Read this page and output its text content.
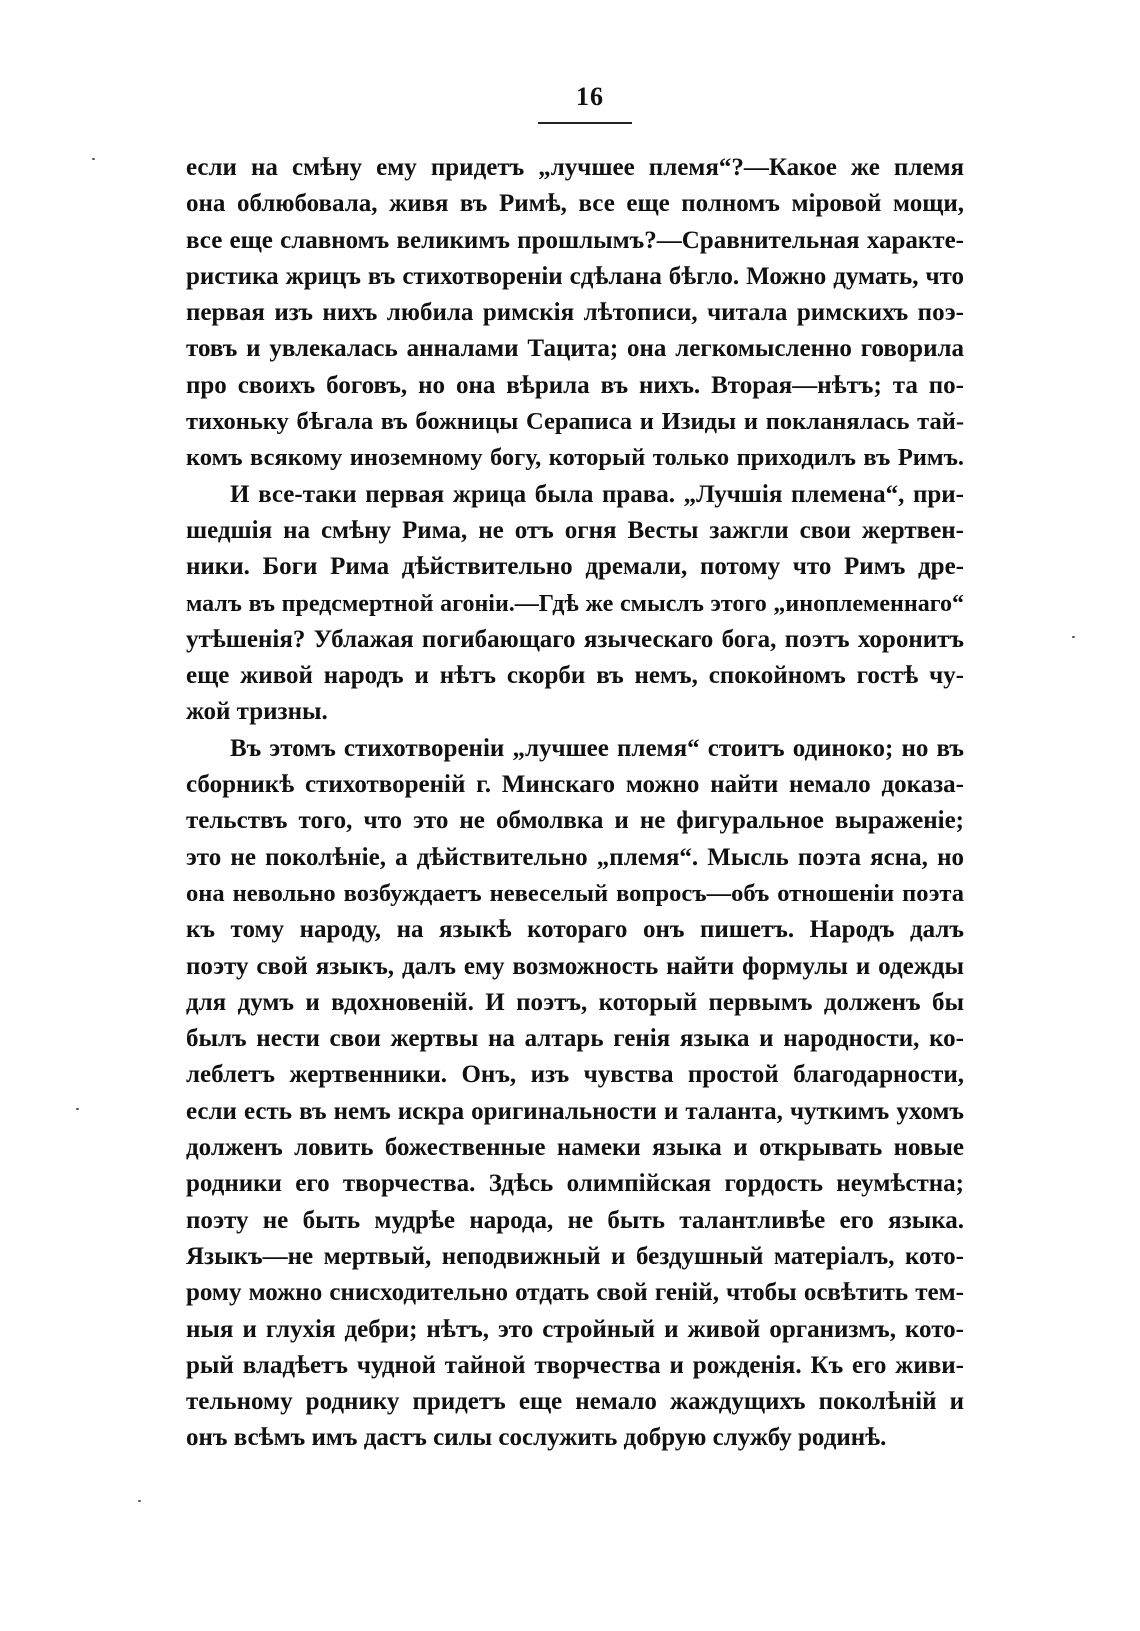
16
если на смѣну ему придетъ „лучшее племя“?—Какое же племя
она облюбовала, живя въ Римѣ, все еще полномъ міровой мощи,
все еще славномъ великимъ прошлымъ?—Сравнительная характе-
ристика жрицъ въ стихотвореніи сдѣлана бѣгло. Можно думать, что
первая изъ нихъ любила римскія лѣтописи, читала римскихъ поэ-
товъ и увлекалась анналами Тацита; она легкомысленно говорила
про своихъ боговъ, но она вѣрила въ нихъ. Вторая—нѣтъ; та по-
тихоньку бѣгала въ божницы Сераписа и Изиды и покланялась тай-
комъ всякому иноземному богу, который только приходилъ въ Римъ.
И все-таки первая жрица была права. „Лучшія племена“, при-
шедшія на смѣну Рима, не отъ огня Весты зажгли свои жертвен-
ники. Боги Рима дѣйствительно дремали, потому что Римъ дре-
малъ въ предсмертной агоніи.—Гдѣ же смыслъ этого „иноплеменнаго“
утѣшенія? Ублажая погибающаго языческаго бога, поэтъ хоронитъ
еще живой народъ и нѣтъ скорби въ немъ, спокойномъ гостѣ чу-
жой тризны.
Въ этомъ стихотвореніи „лучшее племя“ стоитъ одиноко; но въ
сборникѣ стихотвореній г. Минскаго можно найти немало доказа-
тельствъ того, что это не обмолвка и не фигуральное выраженіе;
это не поколѣніе, а дѣйствительно „племя“. Мысль поэта ясна, но
она невольно возбуждаетъ невеселый вопросъ—объ отношеніи поэта
къ тому народу, на языкѣ котораго онъ пишетъ. Народъ далъ
поэту свой языкъ, далъ ему возможность найти формулы и одежды
для думъ и вдохновеній. И поэтъ, который первымъ долженъ бы
былъ нести свои жертвы на алтарь генія языка и народности, ко-
леблетъ жертвенники. Онъ, изъ чувства простой благодарности,
если есть въ немъ искра оригинальности и таланта, чуткимъ ухомъ
долженъ ловить божественные намеки языка и открывать новые
родники его творчества. Здѣсь олимпійская гордость неумѣстна;
поэту не быть мудрѣе народа, не быть талантливѣе его языка.
Языкъ—не мертвый, неподвижный и бездушный матеріалъ, кото-
рому можно снисходительно отдать свой геній, чтобы освѣтить тем-
ныя и глухія дебри; нѣтъ, это стройный и живой организмъ, кото-
рый владѣетъ чудной тайной творчества и рожденія. Къ его живи-
тельному роднику придетъ еще немало жаждущихъ поколѣній и
онъ всѣмъ имъ дастъ силы сослужить добрую службу родинѣ.
